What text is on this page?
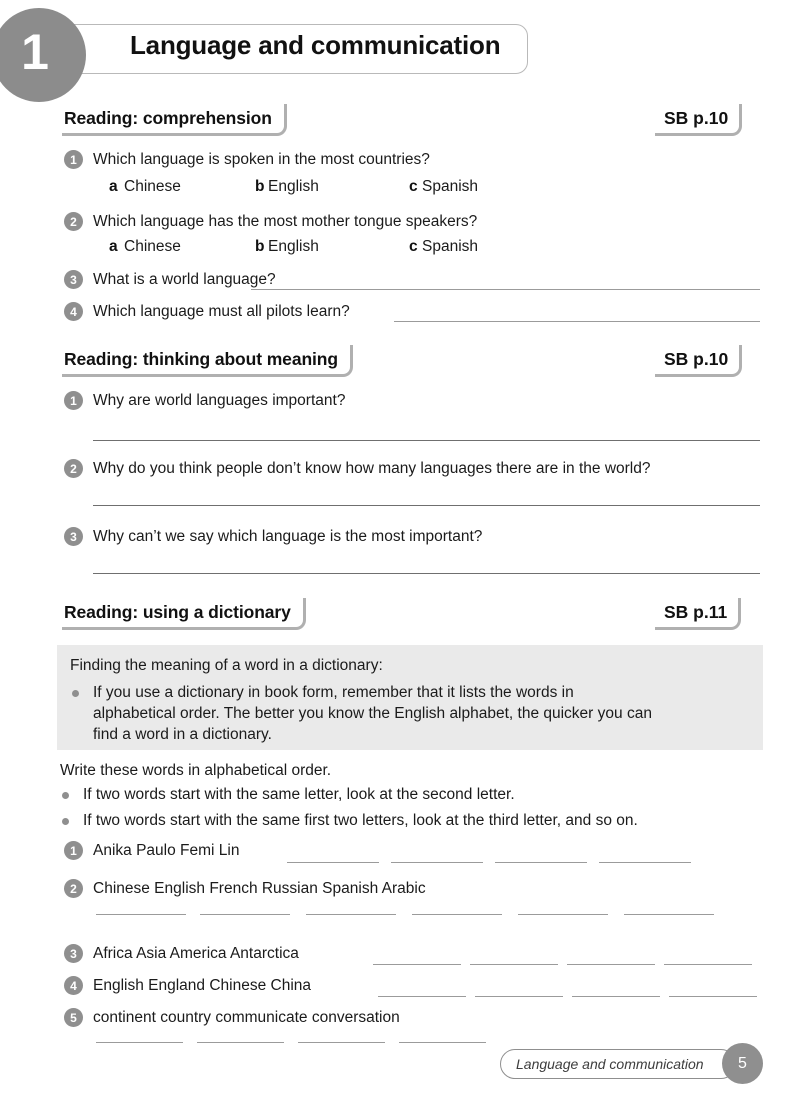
1	Language and communication
Reading: comprehension	SB p.10
1	Which language is spoken in the most countries?
a Chinese	b English	c Spanish
2	Which language has the most mother tongue speakers?
a Chinese	b English	c Spanish
3	What is a world language?
4	Which language must all pilots learn?
Reading: thinking about meaning	SB p.10
1	Why are world languages important?
2	Why do you think people don’t know how many languages there are in the world?
3	Why can’t we say which language is the most important?
Reading: using a dictionary	SB p.11
Finding the meaning of a word in a dictionary:
If you use a dictionary in book form, remember that it lists the words in
alphabetical order. The better you know the English alphabet, the quicker you can
find a word in a dictionary.
Write these words in alphabetical order.
If two words start with the same letter, look at the second letter.
If two words start with the same first two letters, look at the third letter, and so on.
1	Anika Paulo Femi Lin
2	Chinese English French Russian Spanish Arabic
3	Africa Asia America Antarctica
4	English England Chinese China
5	continent country communicate conversation
5
Language and communication
